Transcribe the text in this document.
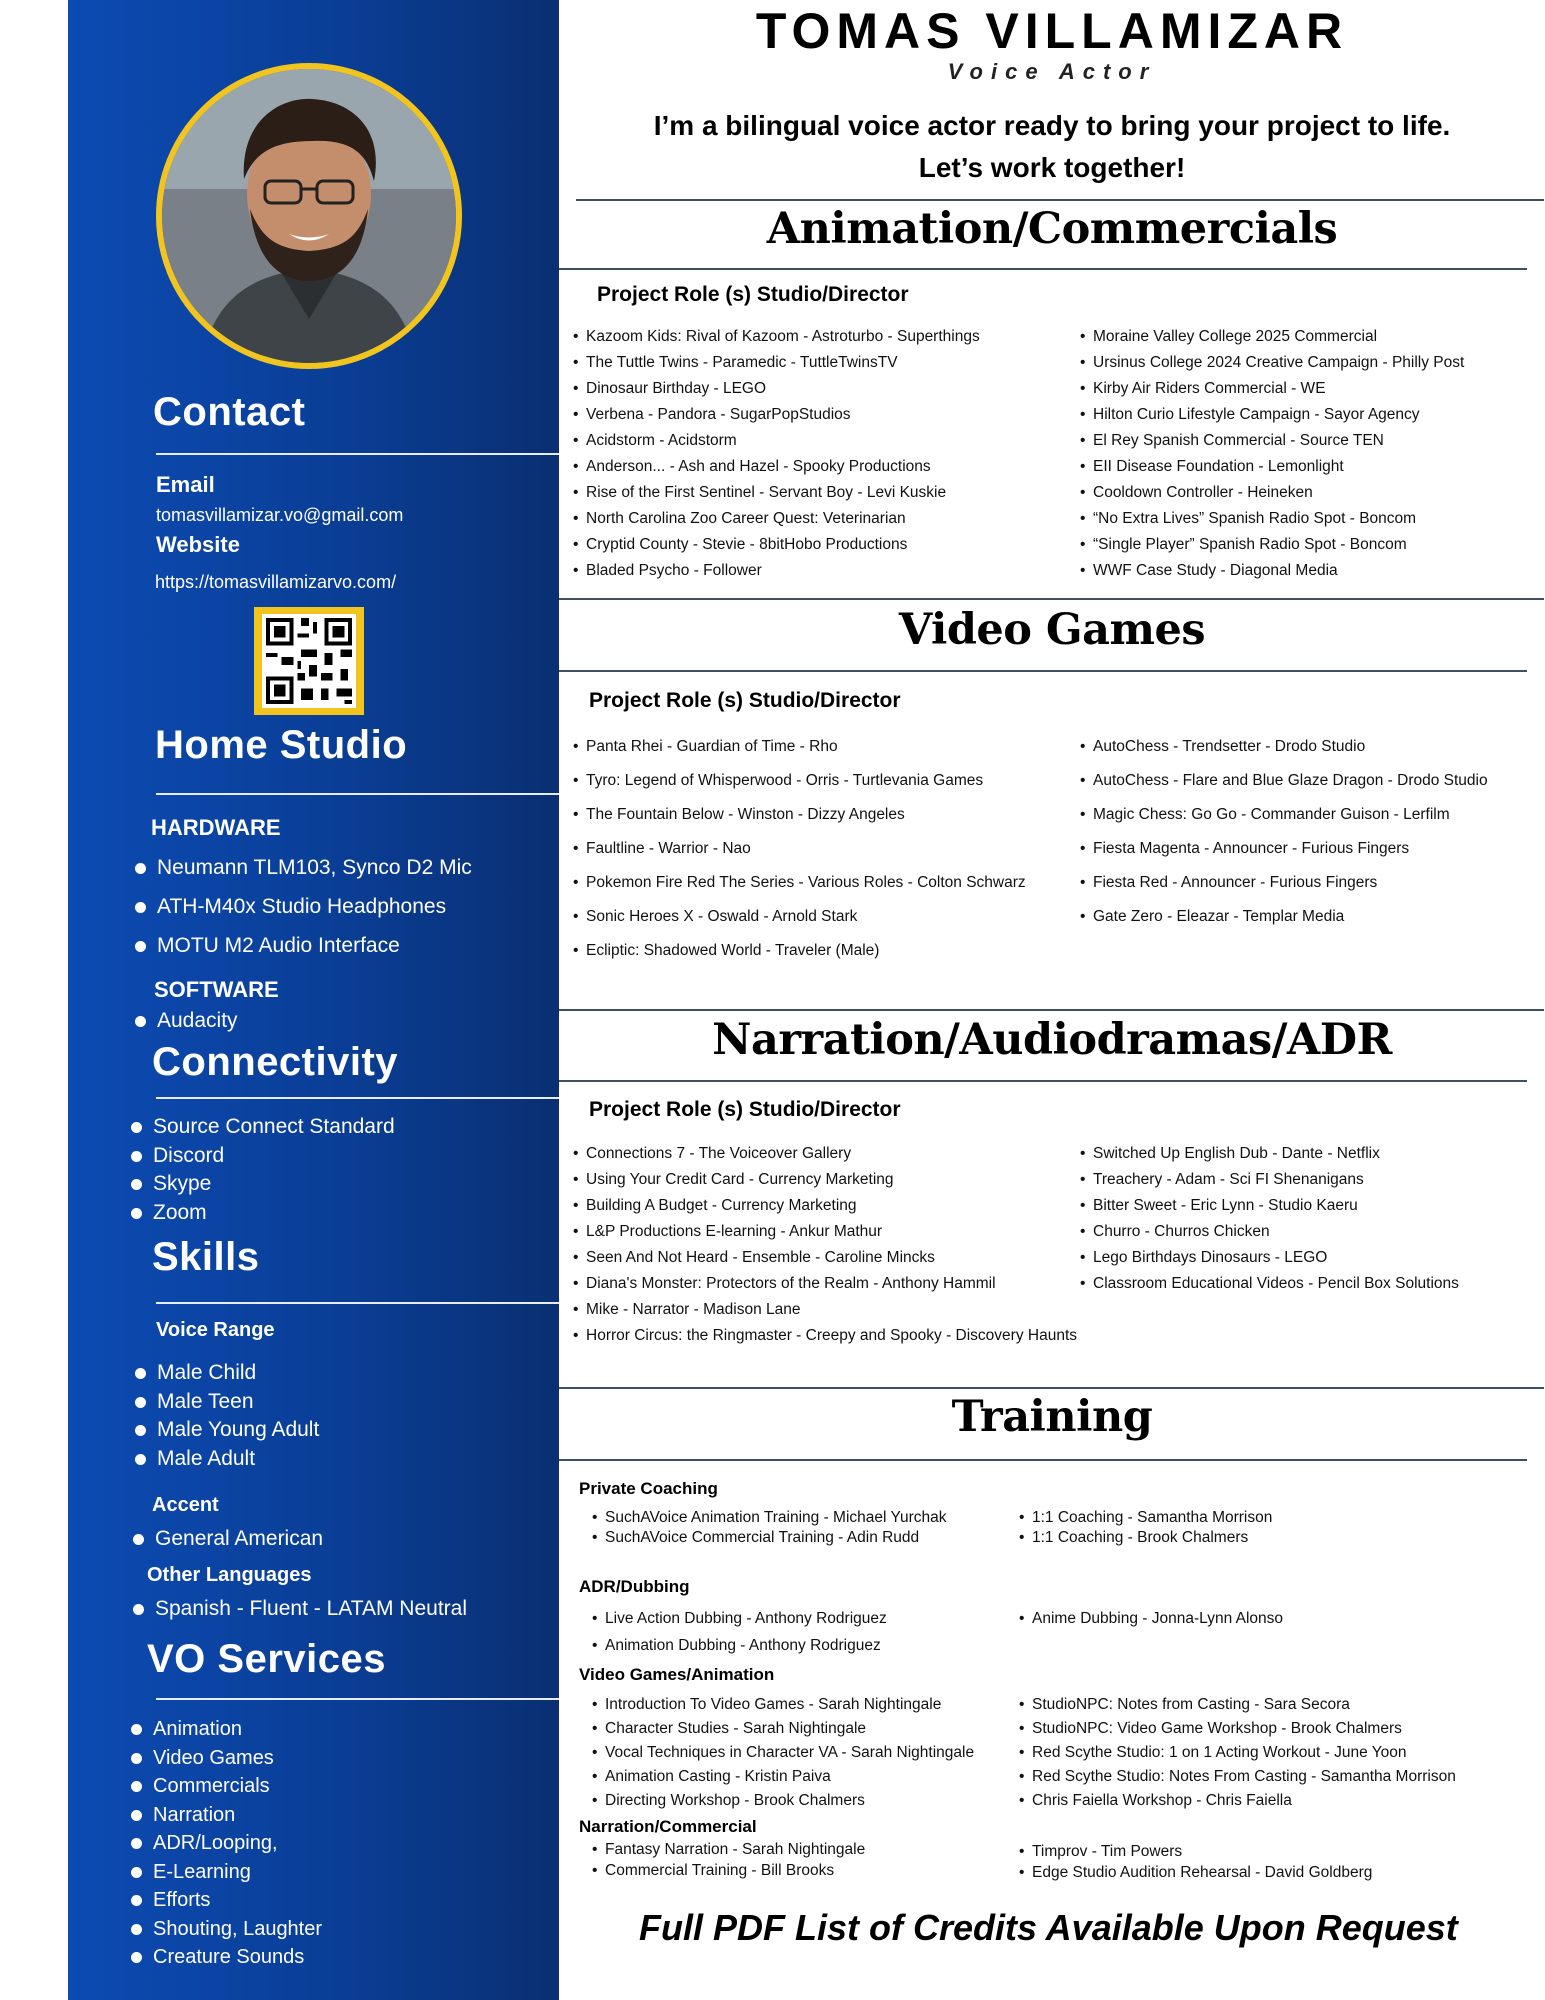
Contact
Email
tomasvillamizar.vo@gmail.com
Website
https://tomasvillamizarvo.com/
Home Studio
HARDWARE
Neumann TLM103, Synco D2 Mic
ATH-M40x Studio Headphones
MOTU M2 Audio Interface
SOFTWARE
Audacity
Connectivity
Source Connect Standard
Discord
Skype
Zoom
Skills
Voice Range
Male Child
Male Teen
Male Young Adult
Male Adult
Accent
General American
Other Languages
Spanish - Fluent - LATAM Neutral
VO Services
Animation
Video Games
Commercials
Narration
ADR/Looping,
E-Learning
Efforts
Shouting, Laughter
Creature Sounds
TOMAS VILLAMIZAR
Voice Actor
I’m a bilingual voice actor ready to bring your project to life.
Let’s work together!
Animation/Commercials
Project Role (s) Studio/Director
• Kazoom Kids: Rival of Kazoom - Astroturbo - Superthings
• The Tuttle Twins - Paramedic - TuttleTwinsTV
• Dinosaur Birthday - LEGO
• Verbena - Pandora - SugarPopStudios
• Acidstorm - Acidstorm
• Anderson... - Ash and Hazel - Spooky Productions
• Rise of the First Sentinel - Servant Boy - Levi Kuskie
• North Carolina Zoo Career Quest: Veterinarian
• Cryptid County - Stevie - 8bitHobo Productions
• Bladed Psycho - Follower
• Moraine Valley College 2025 Commercial
• Ursinus College 2024 Creative Campaign - Philly Post
• Kirby Air Riders Commercial - WE
• Hilton Curio Lifestyle Campaign - Sayor Agency
• El Rey Spanish Commercial - Source TEN
• EII Disease Foundation - Lemonlight
• Cooldown Controller - Heineken
• “No Extra Lives” Spanish Radio Spot - Boncom
• “Single Player” Spanish Radio Spot - Boncom
• WWF Case Study - Diagonal Media
Video Games
Project Role (s) Studio/Director
• Panta Rhei - Guardian of Time - Rho
• Tyro: Legend of Whisperwood - Orris - Turtlevania Games
• The Fountain Below - Winston - Dizzy Angeles
• Faultline - Warrior - Nao
• Pokemon Fire Red The Series - Various Roles - Colton Schwarz
• Sonic Heroes X - Oswald - Arnold Stark
• Ecliptic: Shadowed World - Traveler (Male)
• AutoChess - Trendsetter - Drodo Studio
• AutoChess - Flare and Blue Glaze Dragon - Drodo Studio
• Magic Chess: Go Go - Commander Guison - Lerfilm
• Fiesta Magenta - Announcer - Furious Fingers
• Fiesta Red - Announcer - Furious Fingers
• Gate Zero - Eleazar - Templar Media
Narration/Audiodramas/ADR
Project Role (s) Studio/Director
• Connections 7 - The Voiceover Gallery
• Using Your Credit Card - Currency Marketing
• Building A Budget - Currency Marketing
• L&P Productions E-learning - Ankur Mathur
• Seen And Not Heard - Ensemble - Caroline Mincks
• Diana's Monster: Protectors of the Realm - Anthony Hammil
• Mike - Narrator - Madison Lane
• Horror Circus: the Ringmaster - Creepy and Spooky - Discovery Haunts
• Switched Up English Dub - Dante - Netflix
• Treachery - Adam - Sci FI Shenanigans
• Bitter Sweet - Eric Lynn - Studio Kaeru
• Churro - Churros Chicken
• Lego Birthdays Dinosaurs - LEGO
• Classroom Educational Videos - Pencil Box Solutions
Training
Private Coaching
• SuchAVoice Animation Training - Michael Yurchak
• SuchAVoice Commercial Training - Adin Rudd
• 1:1 Coaching - Samantha Morrison
• 1:1 Coaching - Brook Chalmers
ADR/Dubbing
• Live Action Dubbing - Anthony Rodriguez
• Animation Dubbing - Anthony Rodriguez
• Anime Dubbing - Jonna-Lynn Alonso
Video Games/Animation
• Introduction To Video Games - Sarah Nightingale
• Character Studies - Sarah Nightingale
• Vocal Techniques in Character VA - Sarah Nightingale
• Animation Casting - Kristin Paiva
• Directing Workshop - Brook Chalmers
• StudioNPC: Notes from Casting - Sara Secora
• StudioNPC: Video Game Workshop - Brook Chalmers
• Red Scythe Studio: 1 on 1 Acting Workout - June Yoon
• Red Scythe Studio: Notes From Casting - Samantha Morrison
• Chris Faiella Workshop - Chris Faiella
Narration/Commercial
• Fantasy Narration - Sarah Nightingale
• Commercial Training - Bill Brooks
• Timprov - Tim Powers
• Edge Studio Audition Rehearsal - David Goldberg
Full PDF List of Credits Available Upon Request
